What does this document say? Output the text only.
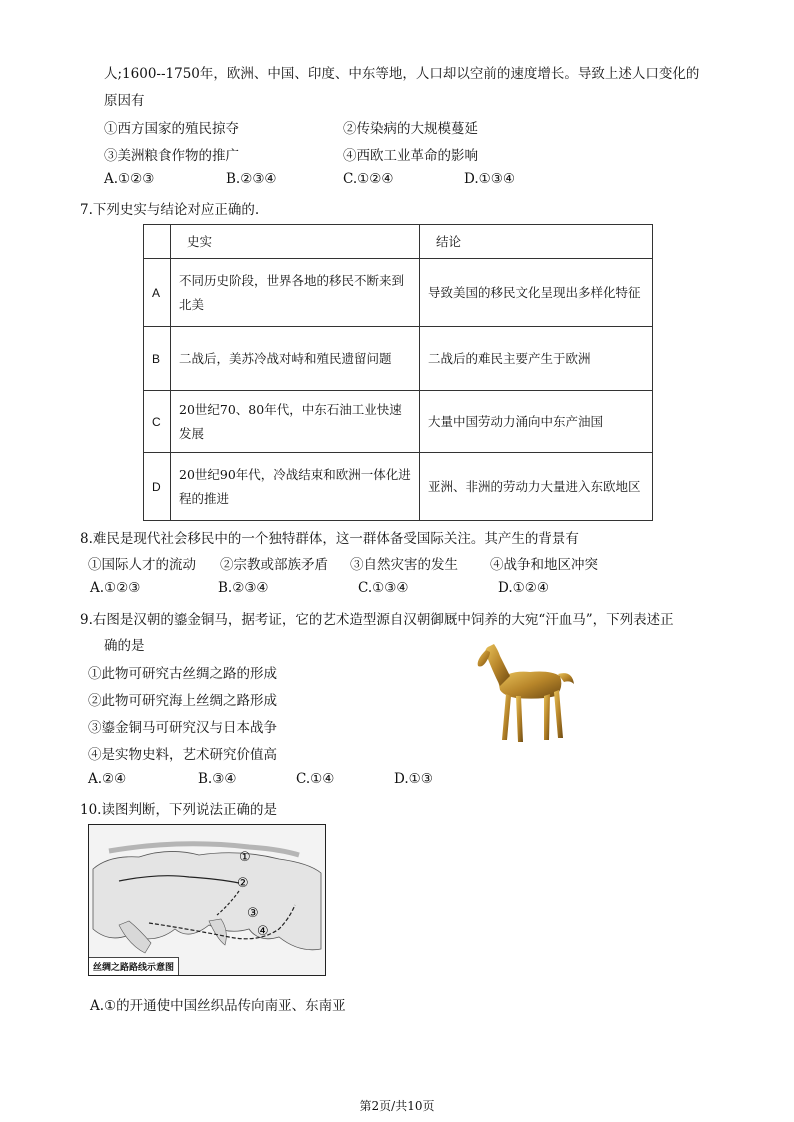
人;1600--1750年，欧洲、中国、印度、中东等地，人口却以空前的速度增长。导致上述人口变化的
原因有
①西方国家的殖民掠夺	②传染病的大规模蔓延
③美洲粮食作物的推广	④西欧工业革命的影响
A.①②③	B.②③④	C.①②④	D.①③④
7.下列史实与结论对应正确的.
	史实	结论
A	不同历史阶段，世界各地的移民不断来到北美	导致美国的移民文化呈现出多样化特征
B	二战后，美苏冷战对峙和殖民遗留问题	二战后的难民主要产生于欧洲
C	20世纪70、80年代，中东石油工业快速发展	大量中国劳动力涌向中东产油国
D	20世纪90年代，冷战结束和欧洲一体化进程的推进	亚洲、非洲的劳动力大量进入东欧地区
8.难民是现代社会移民中的一个独特群体，这一群体备受国际关注。其产生的背景有
①国际人才的流动 ②宗教或部族矛盾 ③自然灾害的发生 ④战争和地区冲突
A.①②③	B.②③④	C.①③④	D.①②④
9.右图是汉朝的鎏金铜马，据考证，它的艺术造型源自汉朝御厩中饲养的大宛“汗血马”，下列表述正
确的是
①此物可研究古丝绸之路的形成
②此物可研究海上丝绸之路形成
③鎏金铜马可研究汉与日本战争
④是实物史料，艺术研究价值高
A.②④	B.③④	C.①④	D.①③
10.读图判断，下列说法正确的是
①
②
③
④
丝绸之路路线示意图
A.①的开通使中国丝织品传向南亚、东南亚
第2页/共10页
